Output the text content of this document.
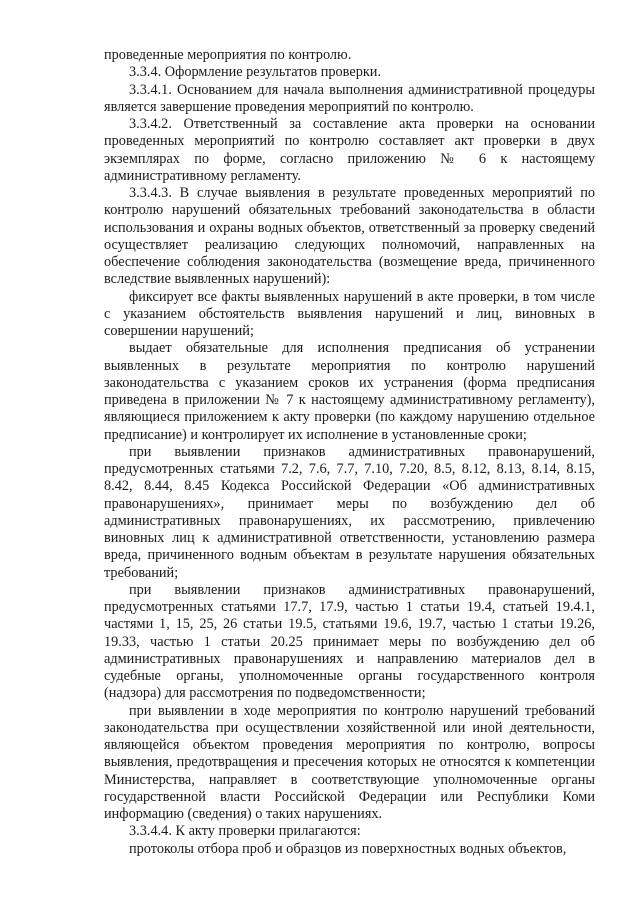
проведенные мероприятия по контролю.

3.3.4. Оформление результатов проверки.

3.3.4.1. Основанием для начала выполнения административной процедуры является завершение проведения мероприятий по контролю.

3.3.4.2. Ответственный за составление акта проверки на основании проведенных мероприятий по контролю составляет акт проверки в двух экземплярах по форме, согласно приложению № 6 к настоящему административному регламенту.

3.3.4.3. В случае выявления в результате проведенных мероприятий по контролю нарушений обязательных требований законодательства в области использования и охраны водных объектов, ответственный за проверку сведений осуществляет реализацию следующих полномочий, направленных на обеспечение соблюдения законодательства (возмещение вреда, причиненного вследствие выявленных нарушений):

фиксирует все факты выявленных нарушений в акте проверки, в том числе с указанием обстоятельств выявления нарушений и лиц, виновных в совершении нарушений;

выдает обязательные для исполнения предписания об устранении выявленных в результате мероприятия по контролю нарушений законодательства с указанием сроков их устранения (форма предписания приведена в приложении № 7 к настоящему административному регламенту), являющиеся приложением к акту проверки (по каждому нарушению отдельное предписание) и контролирует их исполнение в установленные сроки;

при выявлении признаков административных правонарушений, предусмотренных статьями 7.2, 7.6, 7.7, 7.10, 7.20, 8.5, 8.12, 8.13, 8.14, 8.15, 8.42, 8.44, 8.45 Кодекса Российской Федерации «Об административных правонарушениях», принимает меры по возбуждению дел об административных правонарушениях, их рассмотрению, привлечению виновных лиц к административной ответственности, установлению размера вреда, причиненного водным объектам в результате нарушения обязательных требований;

при выявлении признаков административных правонарушений, предусмотренных статьями 17.7, 17.9, частью 1 статьи 19.4, статьей 19.4.1, частями 1, 15, 25, 26 статьи 19.5, статьями 19.6, 19.7, частью 1 статьи 19.26, 19.33, частью 1 статьи 20.25 принимает меры по возбуждению дел об административных правонарушениях и направлению материалов дел в судебные органы, уполномоченные органы государственного контроля (надзора) для рассмотрения по подведомственности;

при выявлении в ходе мероприятия по контролю нарушений требований законодательства при осуществлении хозяйственной или иной деятельности, являющейся объектом проведения мероприятия по контролю, вопросы выявления, предотвращения и пресечения которых не относятся к компетенции Министерства, направляет в соответствующие уполномоченные органы государственной власти Российской Федерации или Республики Коми информацию (сведения) о таких нарушениях.

3.3.4.4. К акту проверки прилагаются:

протоколы отбора проб и образцов из поверхностных водных объектов,
